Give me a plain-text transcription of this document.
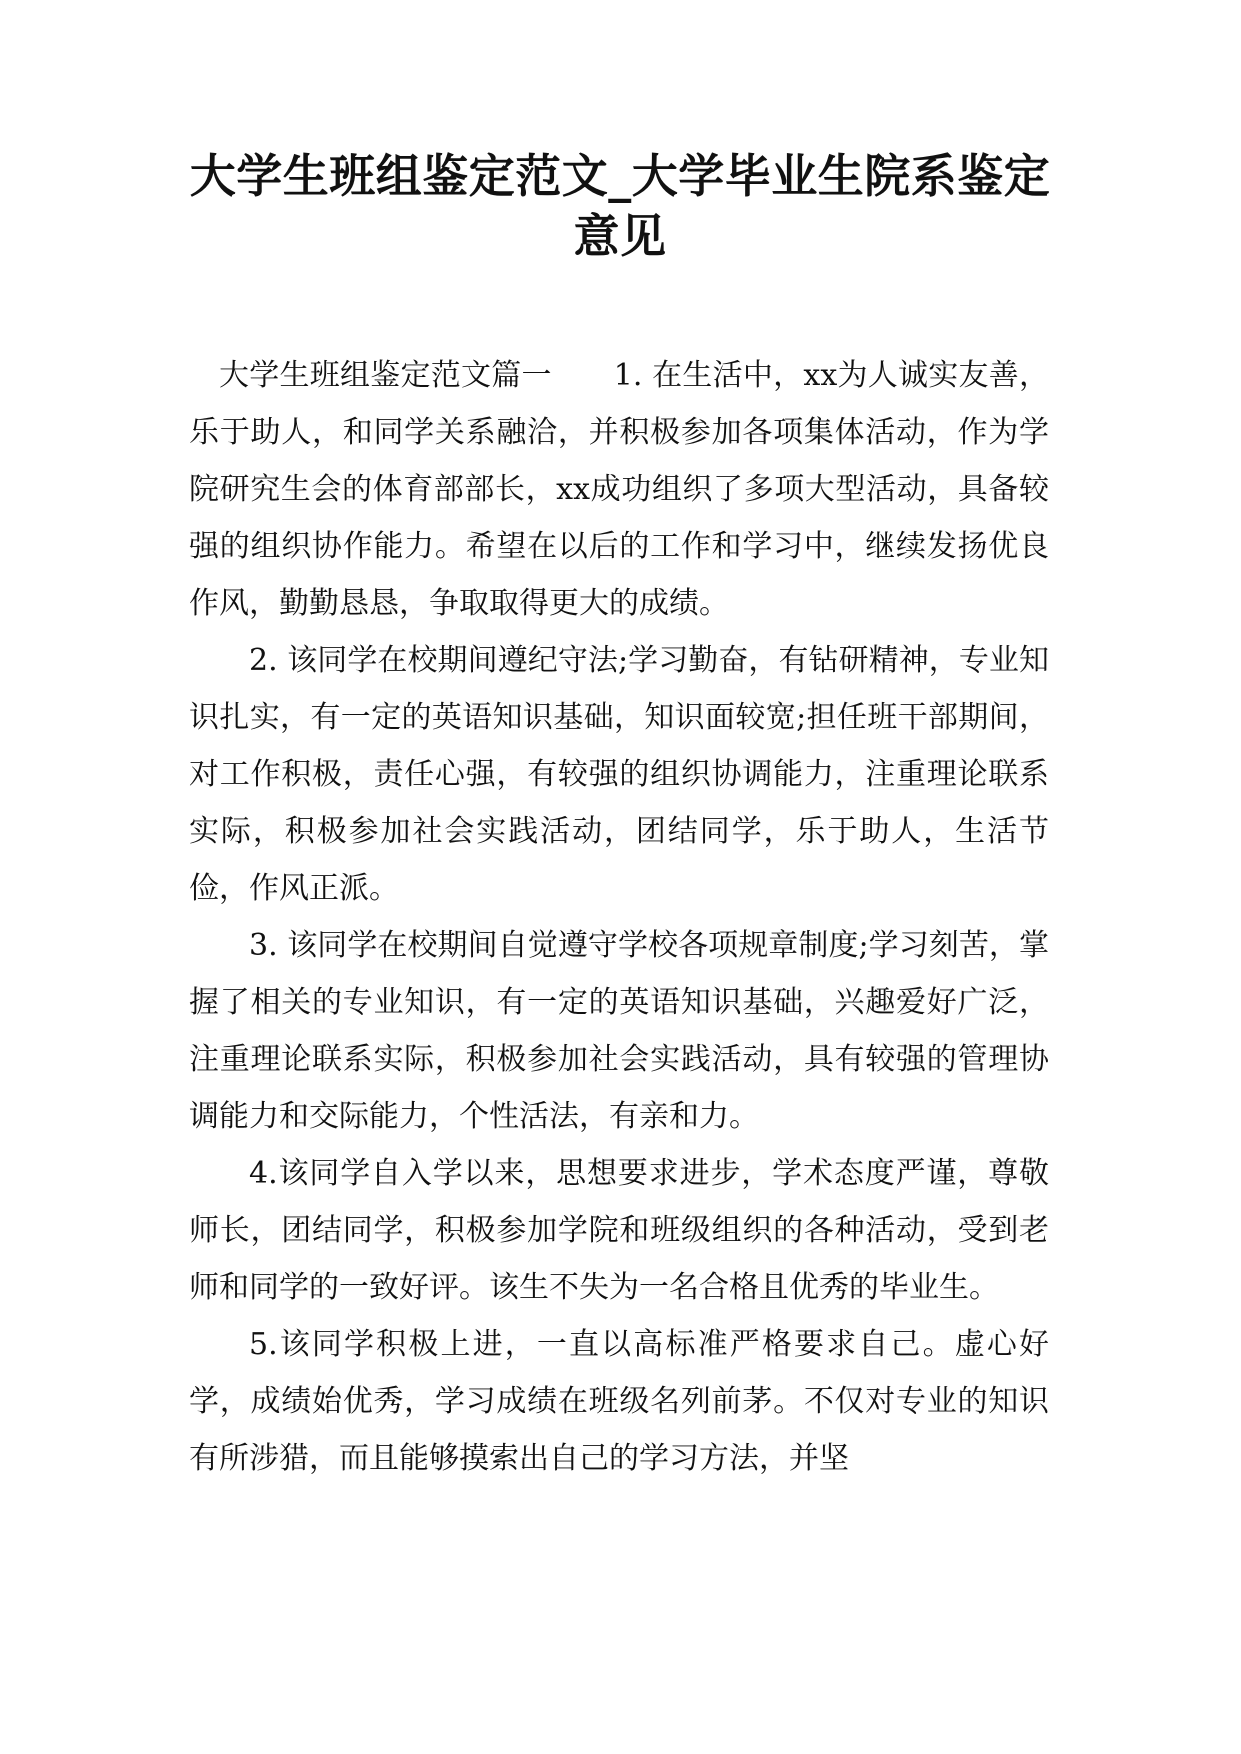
大学生班组鉴定范文_大学毕业生院系鉴定意见

大学生班组鉴定范文篇一 1. 在生活中，xx为人诚实友善，乐于助人，和同学关系融洽，并积极参加各项集体活动，作为学院研究生会的体育部部长，xx成功组织了多项大型活动，具备较强的组织协作能力。希望在以后的工作和学习中，继续发扬优良作风，勤勤恳恳，争取取得更大的成绩。

2. 该同学在校期间遵纪守法;学习勤奋，有钻研精神，专业知识扎实，有一定的英语知识基础，知识面较宽;担任班干部期间，对工作积极，责任心强，有较强的组织协调能力，注重理论联系实际，积极参加社会实践活动，团结同学，乐于助人，生活节俭，作风正派。

3. 该同学在校期间自觉遵守学校各项规章制度;学习刻苦，掌握了相关的专业知识，有一定的英语知识基础，兴趣爱好广泛，注重理论联系实际，积极参加社会实践活动，具有较强的管理协调能力和交际能力，个性活法，有亲和力。

4.该同学自入学以来，思想要求进步，学术态度严谨，尊敬师长，团结同学，积极参加学院和班级组织的各种活动，受到老师和同学的一致好评。该生不失为一名合格且优秀的毕业生。

5.该同学积极上进，一直以高标准严格要求自己。虚心好学，成绩始优秀，学习成绩在班级名列前茅。不仅对专业的知识有所涉猎，而且能够摸索出自己的学习方法，并坚
